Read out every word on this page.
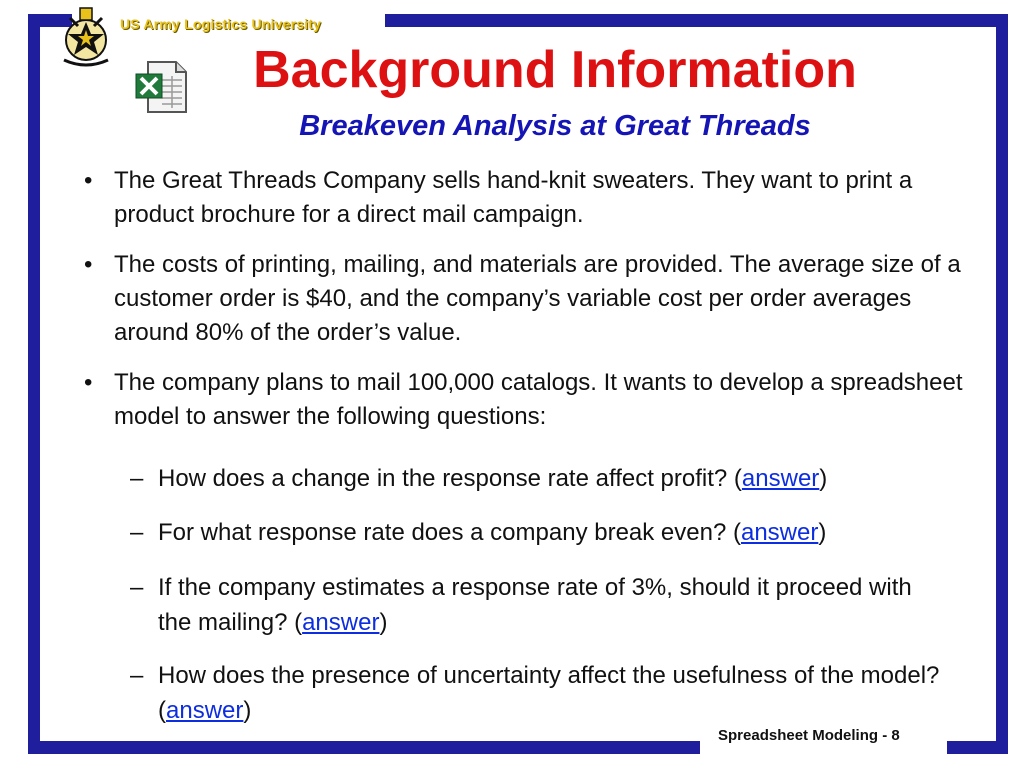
US Army Logistics University
Background Information
Breakeven Analysis at Great Threads
• The Great Threads Company sells hand-knit sweaters. They want to print a product brochure for a direct mail campaign.
• The costs of printing, mailing, and materials are provided. The average size of a customer order is $40, and the company’s variable cost per order averages around 80% of the order’s value.
• The company plans to mail 100,000 catalogs. It wants to develop a spreadsheet model to answer the following questions:
– How does a change in the response rate affect profit? (answer)
– For what response rate does a company break even? (answer)
– If the company estimates a response rate of 3%, should it proceed with the mailing? (answer)
– How does the presence of uncertainty affect the usefulness of the model? (answer)
Spreadsheet Modeling - 8
